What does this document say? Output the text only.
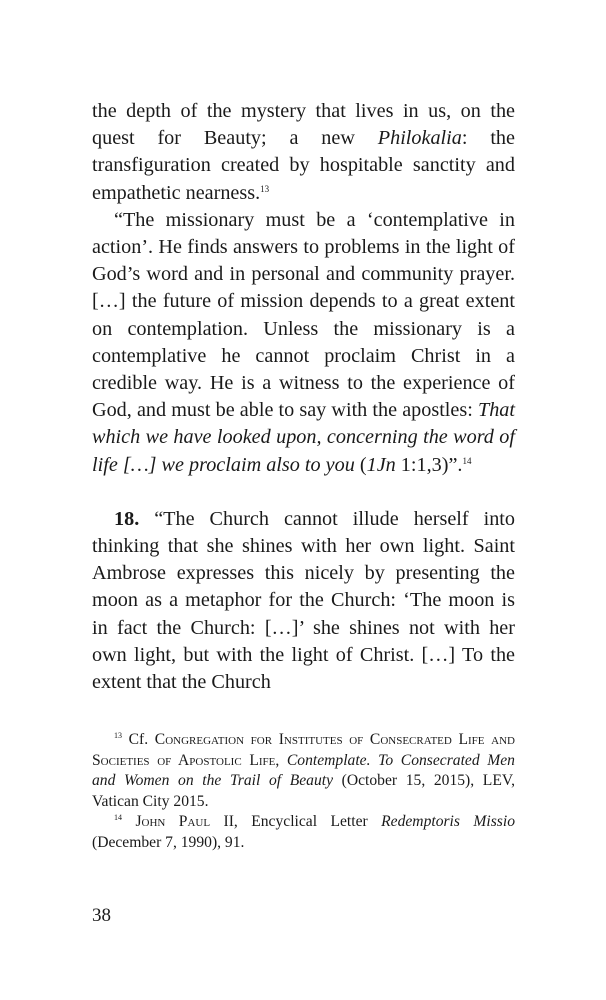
the depth of the mystery that lives in us, on the quest for Beauty; a new Philokalia: the transfiguration created by hospitable sanctity and empathetic nearness.$^{13}$

“The missionary must be a ‘contemplative in action’. He finds answers to problems in the light of God’s word and in personal and community prayer. […] the future of mission depends to a great extent on contemplation. Unless the missionary is a contemplative he cannot proclaim Christ in a credible way. He is a witness to the experience of God, and must be able to say with the apostles: That which we have looked upon, concerning the word of life […] we proclaim also to you (1Jn 1:1,3)”.$^{14}$

18. “The Church cannot illude herself into thinking that she shines with her own light. Saint Ambrose expresses this nicely by presenting the moon as a metaphor for the Church: ‘The moon is in fact the Church: […]’ she shines not with her own light, but with the light of Christ. […] To the extent that the Church

$^{13}$ Cf. Congregation for Institutes of Consecrated Life and Societies of Apostolic Life, Contemplate. To Consecrated Men and Women on the Trail of Beauty (October 15, 2015), LEV, Vatican City 2015.

$^{14}$ John Paul II, Encyclical Letter Redemptoris Missio (December 7, 1990), 91.

38
